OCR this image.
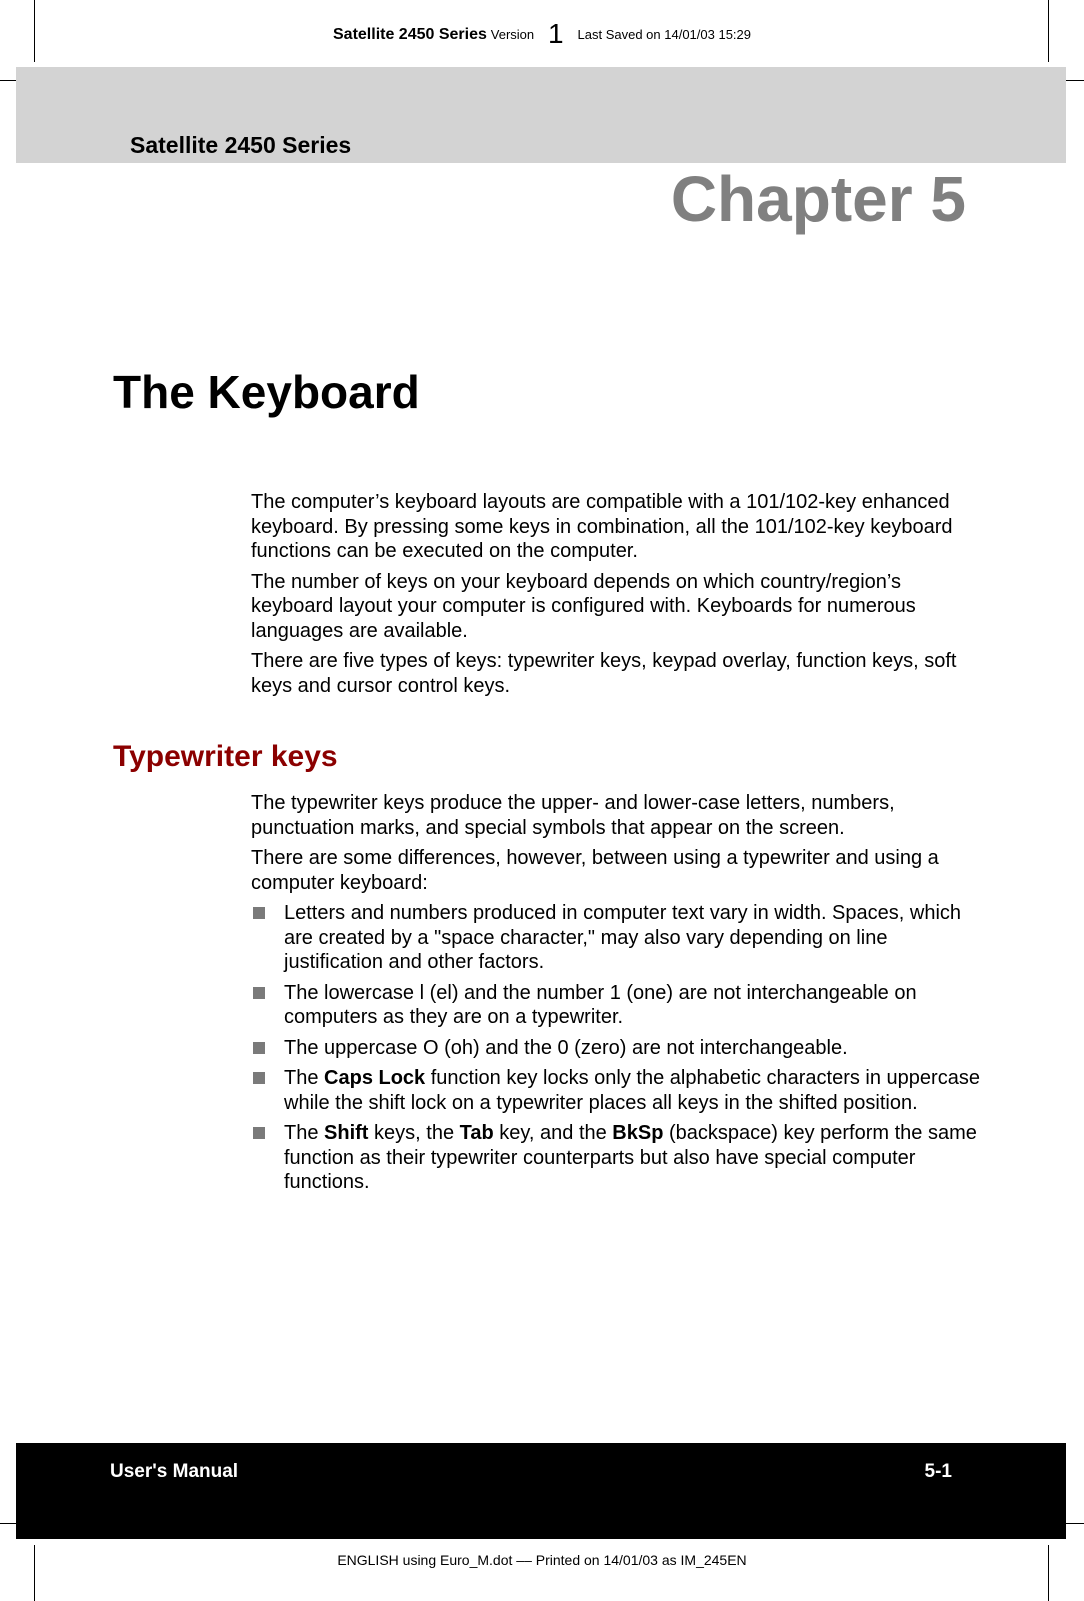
Satellite 2450 Series Version 1 Last Saved on 14/01/03 15:29
Satellite 2450 Series
Chapter 5
The Keyboard

The computer’s keyboard layouts are compatible with a 101/102-key enhanced keyboard. By pressing some keys in combination, all the 101/102-key keyboard functions can be executed on the computer.

The number of keys on your keyboard depends on which country/region’s keyboard layout your computer is configured with. Keyboards for numerous languages are available.

There are five types of keys: typewriter keys, keypad overlay, function keys, soft keys and cursor control keys.

Typewriter keys

The typewriter keys produce the upper- and lower-case letters, numbers, punctuation marks, and special symbols that appear on the screen.

There are some differences, however, between using a typewriter and using a computer keyboard:

Letters and numbers produced in computer text vary in width. Spaces, which are created by a "space character," may also vary depending on line justification and other factors.
The lowercase l (el) and the number 1 (one) are not interchangeable on computers as they are on a typewriter.
The uppercase O (oh) and the 0 (zero) are not interchangeable.
The Caps Lock function key locks only the alphabetic characters in uppercase while the shift lock on a typewriter places all keys in the shifted position.
The Shift keys, the Tab key, and the BkSp (backspace) key perform the same function as their typewriter counterparts but also have special computer functions.
User's Manual	5-1
ENGLISH using Euro_M.dot –– Printed on 14/01/03 as IM_245EN
